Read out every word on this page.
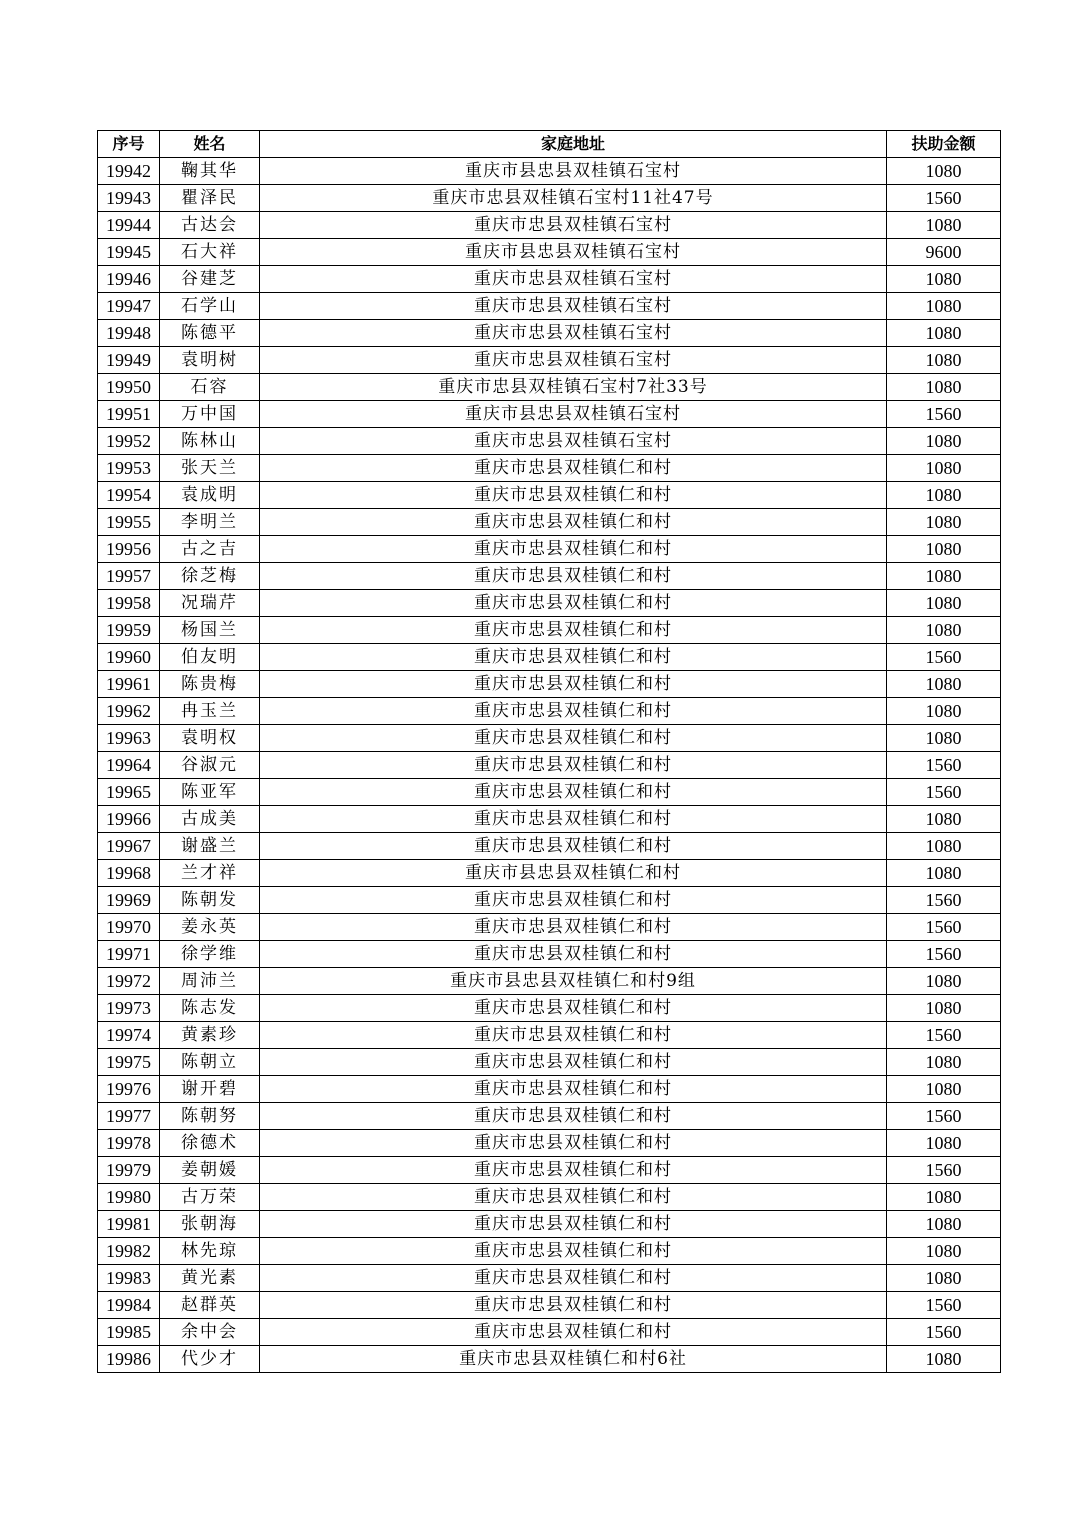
序号	姓名	家庭地址	扶助金额
19942	鞠其华	重庆市县忠县双桂镇石宝村	1080
19943	瞿泽民	重庆市忠县双桂镇石宝村11社47号	1560
19944	古达会	重庆市忠县双桂镇石宝村	1080
19945	石大祥	重庆市县忠县双桂镇石宝村	9600
19946	谷建芝	重庆市忠县双桂镇石宝村	1080
19947	石学山	重庆市忠县双桂镇石宝村	1080
19948	陈德平	重庆市忠县双桂镇石宝村	1080
19949	袁明树	重庆市忠县双桂镇石宝村	1080
19950	石容	重庆市忠县双桂镇石宝村7社33号	1080
19951	万中国	重庆市县忠县双桂镇石宝村	1560
19952	陈林山	重庆市忠县双桂镇石宝村	1080
19953	张天兰	重庆市忠县双桂镇仁和村	1080
19954	袁成明	重庆市忠县双桂镇仁和村	1080
19955	李明兰	重庆市忠县双桂镇仁和村	1080
19956	古之吉	重庆市忠县双桂镇仁和村	1080
19957	徐芝梅	重庆市忠县双桂镇仁和村	1080
19958	况瑞芹	重庆市忠县双桂镇仁和村	1080
19959	杨国兰	重庆市忠县双桂镇仁和村	1080
19960	伯友明	重庆市忠县双桂镇仁和村	1560
19961	陈贵梅	重庆市忠县双桂镇仁和村	1080
19962	冉玉兰	重庆市忠县双桂镇仁和村	1080
19963	袁明权	重庆市忠县双桂镇仁和村	1080
19964	谷淑元	重庆市忠县双桂镇仁和村	1560
19965	陈亚军	重庆市忠县双桂镇仁和村	1560
19966	古成美	重庆市忠县双桂镇仁和村	1080
19967	谢盛兰	重庆市忠县双桂镇仁和村	1080
19968	兰才祥	重庆市县忠县双桂镇仁和村	1080
19969	陈朝发	重庆市忠县双桂镇仁和村	1560
19970	姜永英	重庆市忠县双桂镇仁和村	1560
19971	徐学维	重庆市忠县双桂镇仁和村	1560
19972	周沛兰	重庆市县忠县双桂镇仁和村9组	1080
19973	陈志发	重庆市忠县双桂镇仁和村	1080
19974	黄素珍	重庆市忠县双桂镇仁和村	1560
19975	陈朝立	重庆市忠县双桂镇仁和村	1080
19976	谢开碧	重庆市忠县双桂镇仁和村	1080
19977	陈朝努	重庆市忠县双桂镇仁和村	1560
19978	徐德术	重庆市忠县双桂镇仁和村	1080
19979	姜朝媛	重庆市忠县双桂镇仁和村	1560
19980	古万荣	重庆市忠县双桂镇仁和村	1080
19981	张朝海	重庆市忠县双桂镇仁和村	1080
19982	林先琼	重庆市忠县双桂镇仁和村	1080
19983	黄光素	重庆市忠县双桂镇仁和村	1080
19984	赵群英	重庆市忠县双桂镇仁和村	1560
19985	余中会	重庆市忠县双桂镇仁和村	1560
19986	代少才	重庆市忠县双桂镇仁和村6社	1080
